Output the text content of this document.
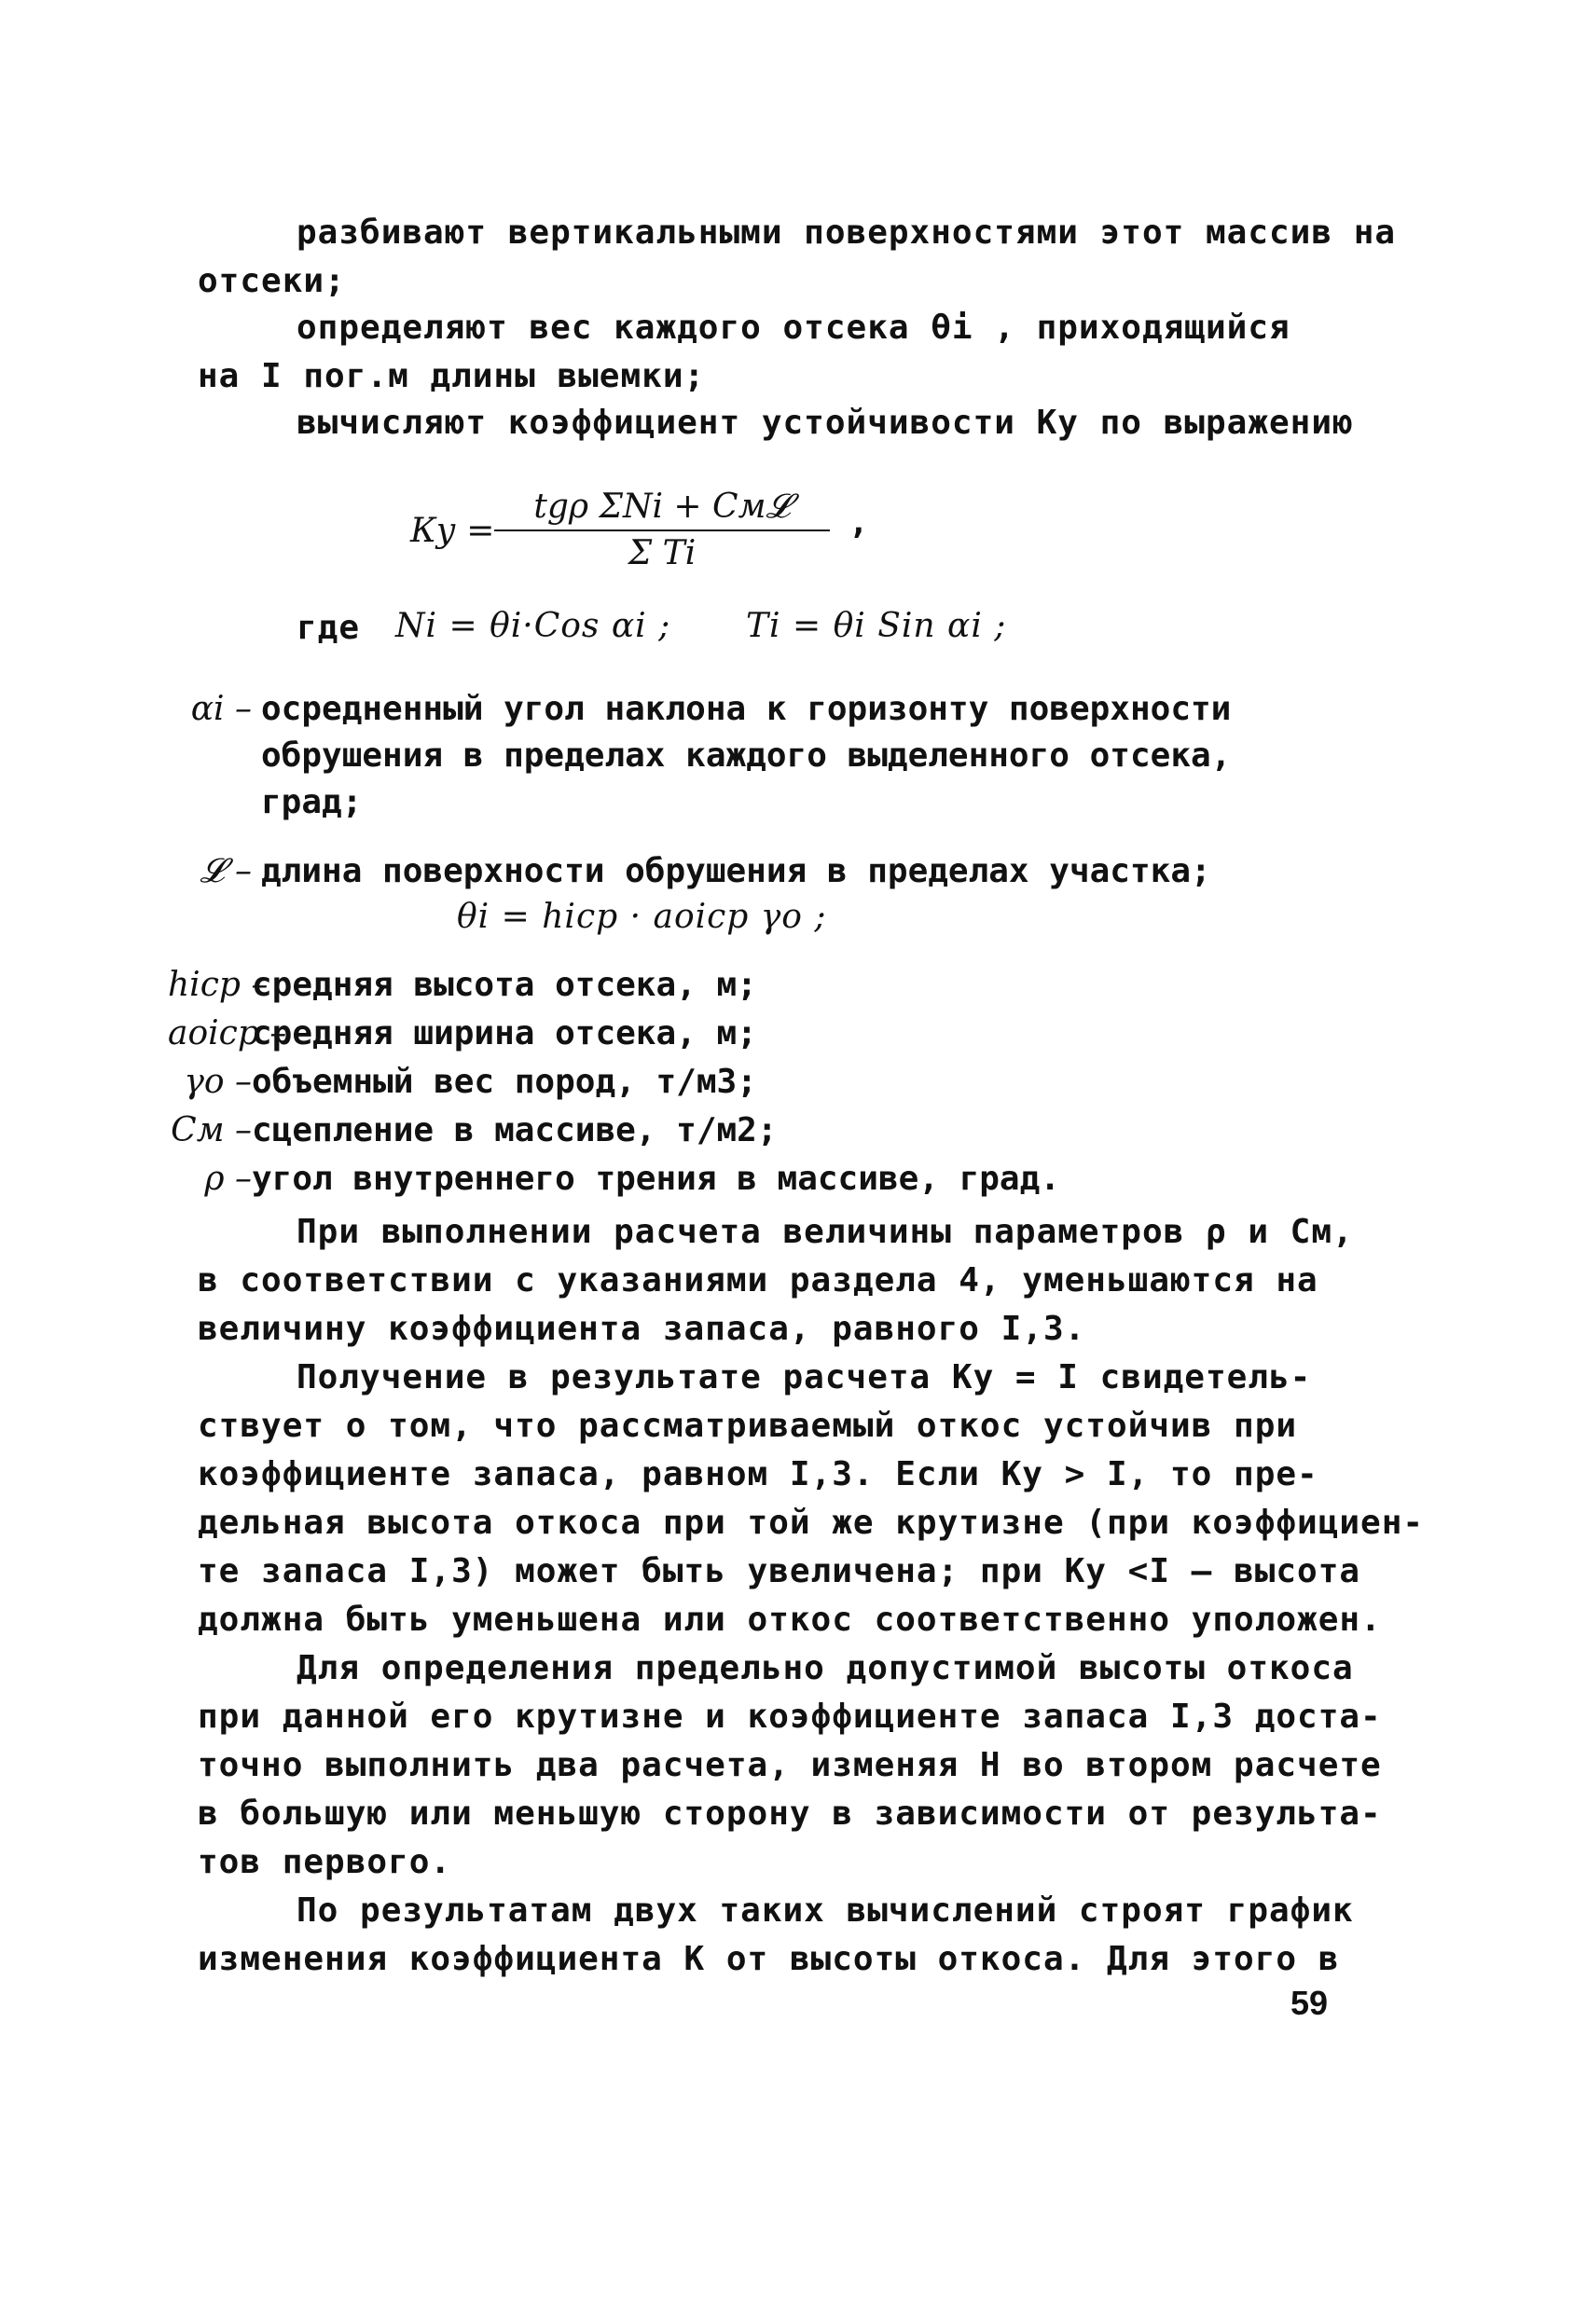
разбивают вертикальными поверхностями этот массив на
отсеки;
определяют вес каждого отсека θi , приходящийся
на I пог.м длины выемки;
вычисляют коэффициент устойчивости Ку по выражению
Ку =
tgρ ΣNi + Cм𝓛
Σ Ti
,
где Ni = θi·Cos αi ; Ti = θi Sin αi ;
αi – осредненный угол наклона к горизонту поверхности
обрушения в пределах каждого выделенного отсека,
град;
𝓛 – длина поверхности обрушения в пределах участка;
θi = hiср · aoiср γo ;
hiср –
средняя высота отсека, м;
aoiср –
средняя ширина отсека, м;
γo – объемный вес пород, т/м3;
Cм – сцепление в массиве, т/м2;
ρ – угол внутреннего трения в массиве, град.
При выполнении расчета величины параметров ρ и Cм,
в соответствии с указаниями раздела 4, уменьшаются на
величину коэффициента запаса, равного I,3.
Получение в результате расчета Ку = I свидетель-
ствует о том, что рассматриваемый откос устойчив при
коэффициенте запаса, равном I,3. Если Ку > I, то пре-
дельная высота откоса при той же крутизне (при коэффициен-
те запаса I,3) может быть увеличена; при Ку <I – высота
должна быть уменьшена или откос соответственно уположен.
Для определения предельно допустимой высоты откоса
при данной его крутизне и коэффициенте запаса I,3 доста-
точно выполнить два расчета, изменяя H во втором расчете
в большую или меньшую сторону в зависимости от результа-
тов первого.
По результатам двух таких вычислений строят график
изменения коэффициента К от высоты откоса. Для этого в
59
